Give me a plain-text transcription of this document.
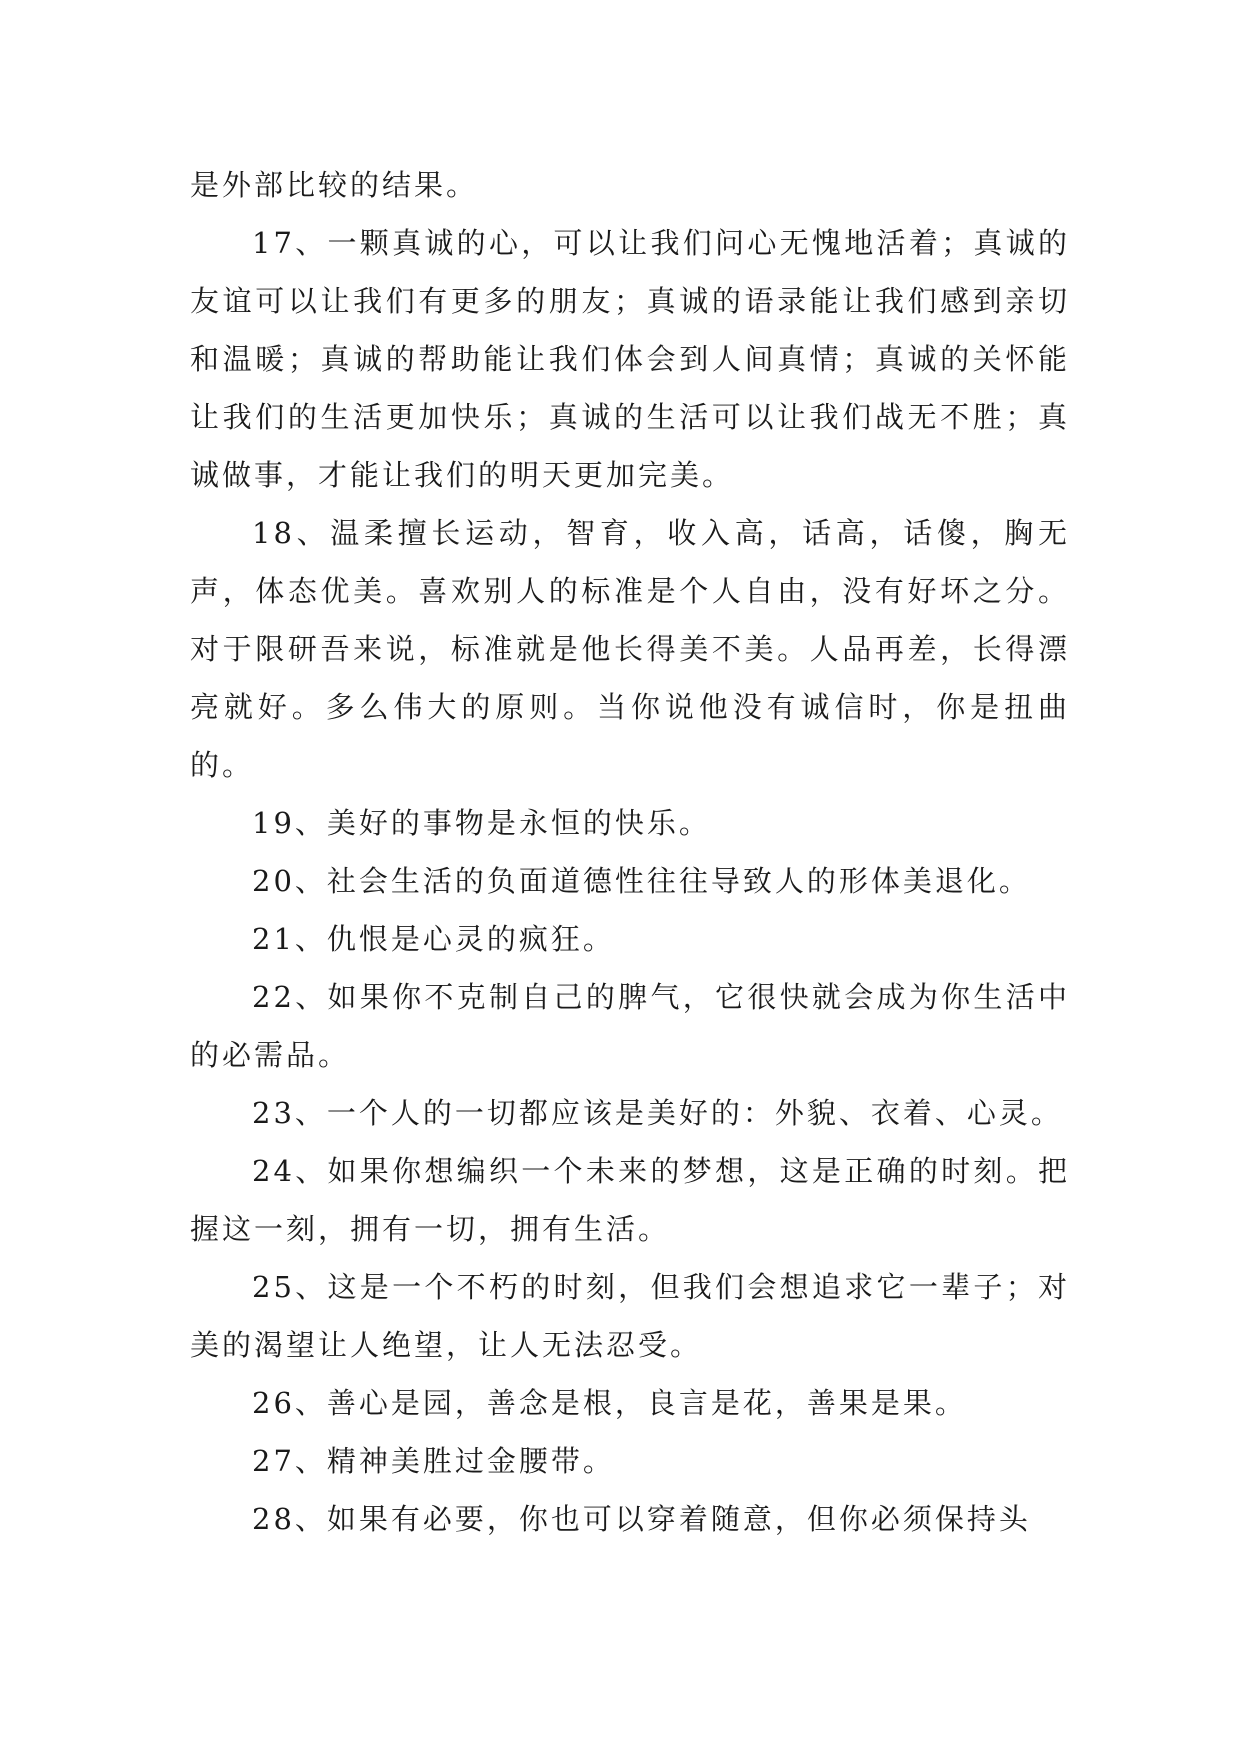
是外部比较的结果。

17、一颗真诚的心，可以让我们问心无愧地活着；真诚的友谊可以让我们有更多的朋友；真诚的语录能让我们感到亲切和温暖；真诚的帮助能让我们体会到人间真情；真诚的关怀能让我们的生活更加快乐；真诚的生活可以让我们战无不胜；真诚做事，才能让我们的明天更加完美。

18、温柔擅长运动，智育，收入高，话高，话傻，胸无声，体态优美。喜欢别人的标准是个人自由，没有好坏之分。对于限研吾来说，标准就是他长得美不美。人品再差，长得漂亮就好。多么伟大的原则。当你说他没有诚信时，你是扭曲的。

19、美好的事物是永恒的快乐。

20、社会生活的负面道德性往往导致人的形体美退化。

21、仇恨是心灵的疯狂。

22、如果你不克制自己的脾气，它很快就会成为你生活中的必需品。

23、一个人的一切都应该是美好的：外貌、衣着、心灵。

24、如果你想编织一个未来的梦想，这是正确的时刻。把握这一刻，拥有一切，拥有生活。

25、这是一个不朽的时刻，但我们会想追求它一辈子；对美的渴望让人绝望，让人无法忍受。

26、善心是园，善念是根，良言是花，善果是果。

27、精神美胜过金腰带。

28、如果有必要，你也可以穿着随意，但你必须保持头
